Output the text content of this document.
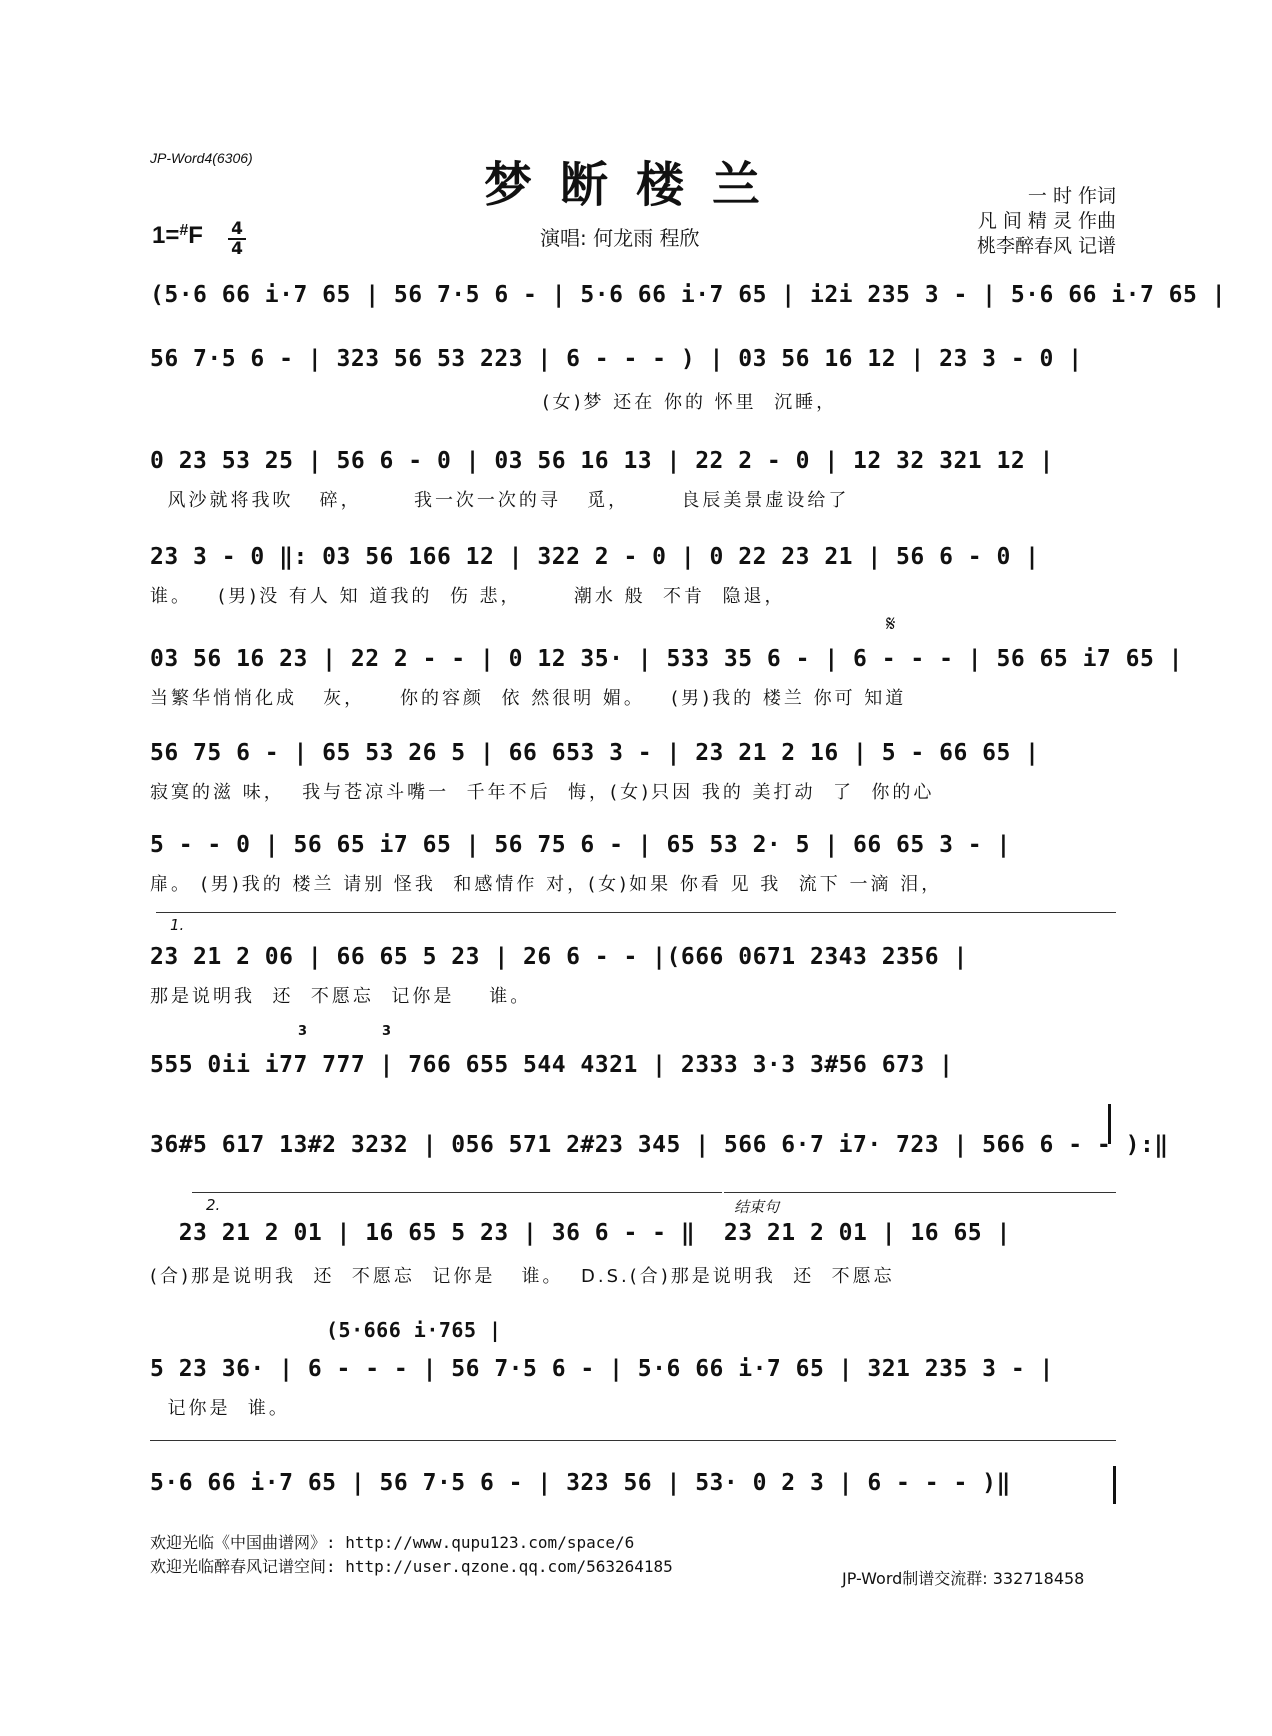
JP-Word4(6306)	梦断楼兰
1=#F 4
4	演唱: 何龙雨 程欣
一 时 作词
凡 间 精 灵 作曲
桃李醉春风 记谱
(5·6 66 i·7 65 | 56 7·5 6 - | 5·6 66 i·7 65 | i2i 235 3 - | 5·6 66 i·7 65 |
56 7·5 6 - | 323 56 53 223 | 6 - - - ) | 03 56 16 12 | 23 3 - 0 |
(女)梦 还在 你的 怀里  沉睡，
0 23 53 25 | 56 6 - 0 | 03 56 16 13 | 22 2 - 0 | 12 32 321 12 |
风沙就将我吹   碎，      我一次一次的寻   觅，      良辰美景虚设给了
23 3 - 0 ‖: 03 56 166 12 | 322 2 - 0 | 0 22 23 21 | 56 6 - 0 |
谁。   (男)没 有人 知 道我的  伤 悲，      潮水 般  不肯  隐退，
𝄋
03 56 16 23 | 22 2 - - | 0 12 35· | 533 35 6 - | 6 - - - | 56 65 i7 65 |
当繁华悄悄化成   灰，    你的容颜  依 然很明 媚。   (男)我的 楼兰 你可 知道
56 75 6 - | 65 53 26 5 | 66 653 3 - | 23 21 2 16 | 5 - 66 65 |
寂寞的滋 味，  我与苍凉斗嘴一  千年不后  悔，(女)只因 我的 美打动  了  你的心
5 - - 0 | 56 65 i7 65 | 56 75 6 - | 65 53 2· 5 | 66 65 3 - |
扉。 (男)我的 楼兰 请别 怪我  和感情作 对，(女)如果 你看 见 我  流下 一滴 泪，
1.
23 21 2 06 | 66 65 5 23 | 26 6 - - |(666 0671 2343 2356 |
那是说明我  还  不愿忘  记你是    谁。
3	3
555 0ii i77 777 | 766 655 544 4321 | 2333 3·3 3#56 673 |
36#5 617 13#2 3232 | 056 571 2#23 345 | 566 6·7 i7· 723 | 566 6 - - ):‖
2.	结束句
23 21 2 01 | 16 65 5 23 | 36 6 - - ‖  23 21 2 01 | 16 65 |
(合)那是说明我  还  不愿忘  记你是   谁。  D.S.(合)那是说明我  还  不愿忘
(5·666 i·765 |
5 23 36· | 6 - - - | 56 7·5 6 - | 5·6 66 i·7 65 | 321 235 3 - |
记你是  谁。
5·6 66 i·7 65 | 56 7·5 6 - | 323 56 | 53· 0 2 3 | 6 - - - )‖
欢迎光临《中国曲谱网》: http://www.qupu123.com/space/6
欢迎光临醉春风记谱空间: http://user.qzone.qq.com/563264185
JP-Word制谱交流群: 332718458
